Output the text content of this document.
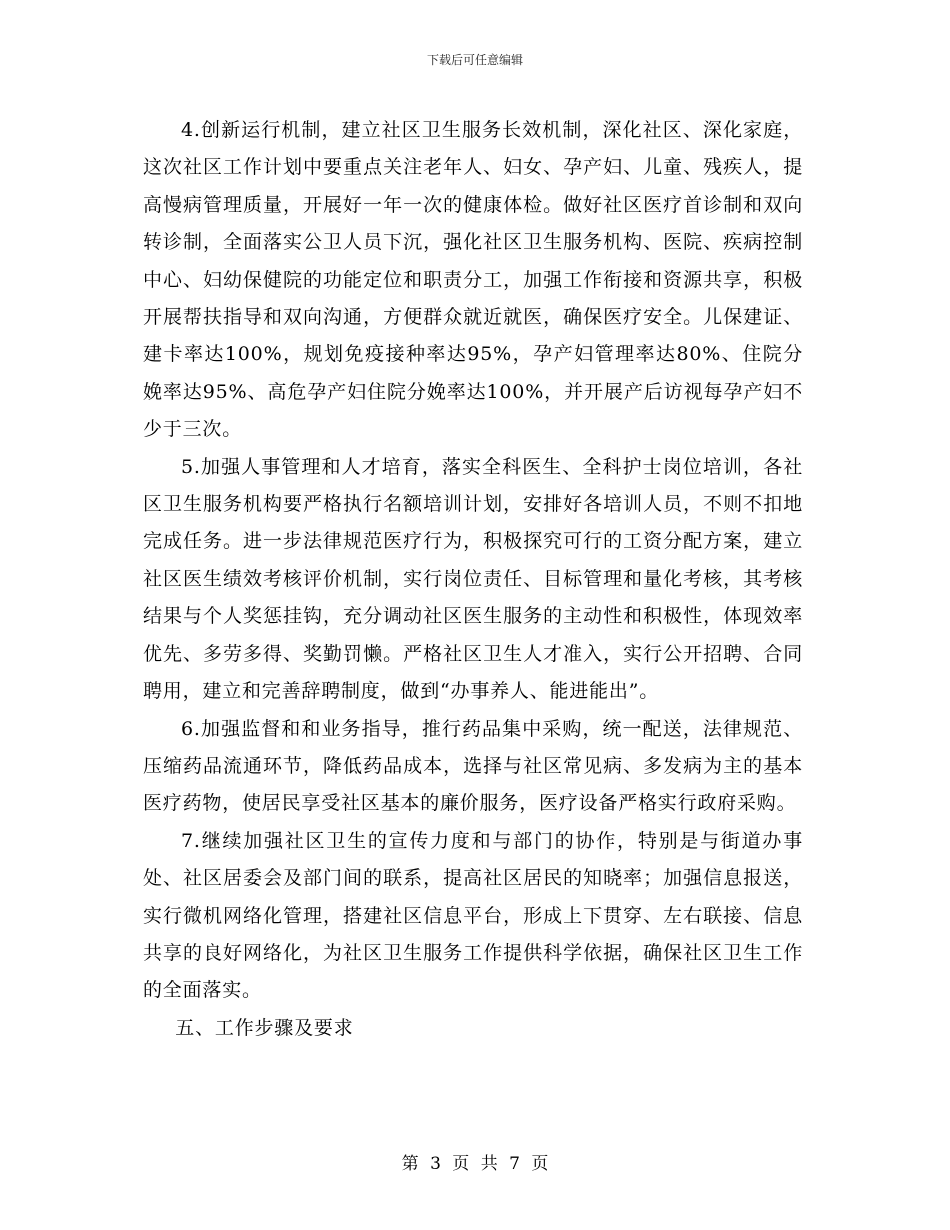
下载后可任意编辑

4.创新运行机制，建立社区卫生服务长效机制，深化社区、深化家庭，这次社区工作计划中要重点关注老年人、妇女、孕产妇、儿童、残疾人，提高慢病管理质量，开展好一年一次的健康体检。做好社区医疗首诊制和双向转诊制，全面落实公卫人员下沉，强化社区卫生服务机构、医院、疾病控制中心、妇幼保健院的功能定位和职责分工，加强工作衔接和资源共享，积极开展帮扶指导和双向沟通，方便群众就近就医，确保医疗安全。儿保建证、建卡率达100%，规划免疫接种率达95%，孕产妇管理率达80%、住院分娩率达95%、高危孕产妇住院分娩率达100%，并开展产后访视每孕产妇不少于三次。

5.加强人事管理和人才培育，落实全科医生、全科护士岗位培训，各社区卫生服务机构要严格执行名额培训计划，安排好各培训人员，不则不扣地完成任务。进一步法律规范医疗行为，积极探究可行的工资分配方案，建立社区医生绩效考核评价机制，实行岗位责任、目标管理和量化考核，其考核结果与个人奖惩挂钩，充分调动社区医生服务的主动性和积极性，体现效率优先、多劳多得、奖勤罚懒。严格社区卫生人才准入，实行公开招聘、合同聘用，建立和完善辞聘制度，做到“办事养人、能进能出”。

6.加强监督和和业务指导，推行药品集中采购，统一配送，法律规范、压缩药品流通环节，降低药品成本，选择与社区常见病、多发病为主的基本医疗药物，使居民享受社区基本的廉价服务，医疗设备严格实行政府采购。

7.继续加强社区卫生的宣传力度和与部门的协作，特别是与街道办事处、社区居委会及部门间的联系，提高社区居民的知晓率；加强信息报送，实行微机网络化管理，搭建社区信息平台，形成上下贯穿、左右联接、信息共享的良好网络化，为社区卫生服务工作提供科学依据，确保社区卫生工作的全面落实。

五、工作步骤及要求

第 3 页 共 7 页
